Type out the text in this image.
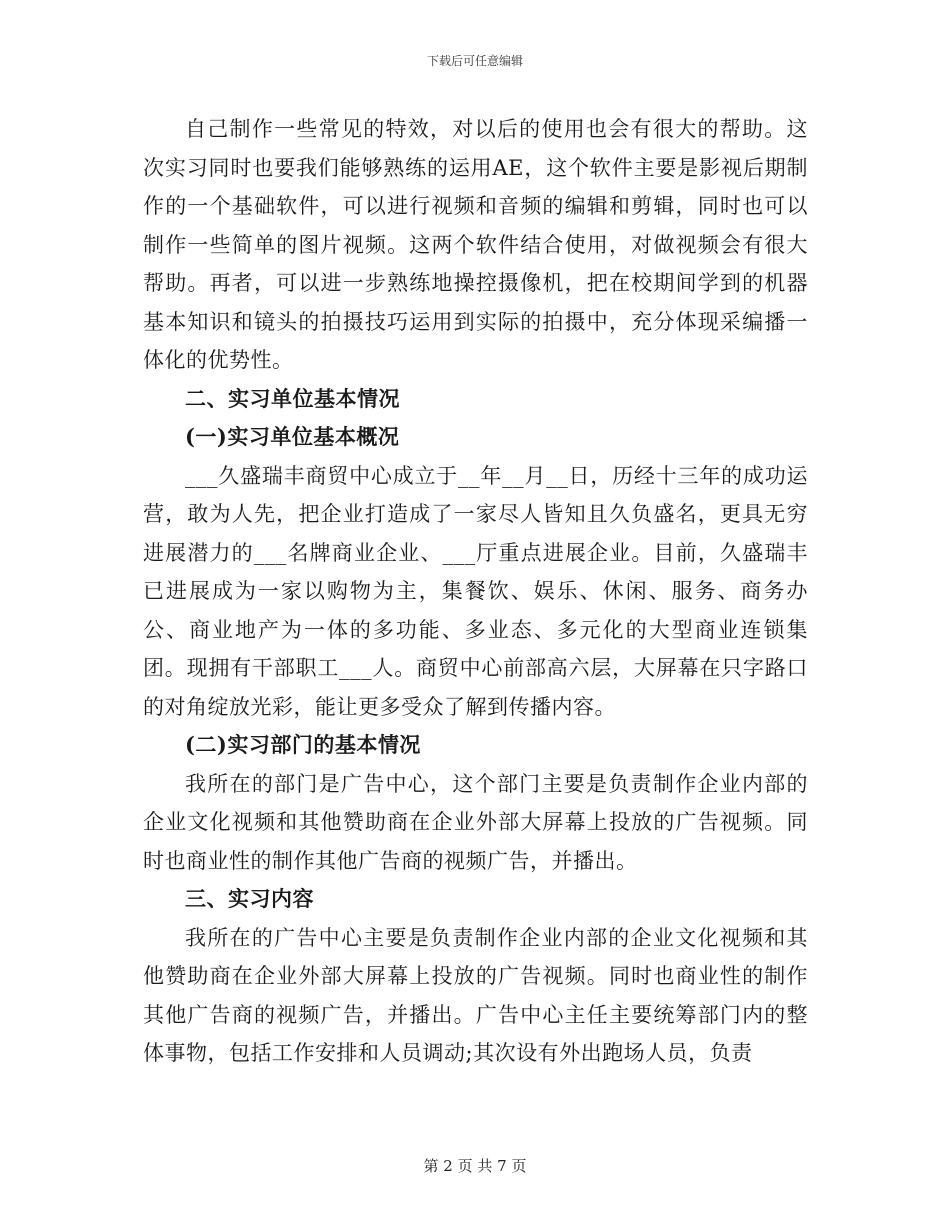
下载后可任意编辑

自己制作一些常见的特效，对以后的使用也会有很大的帮助。这次实习同时也要我们能够熟练的运用AE，这个软件主要是影视后期制作的一个基础软件，可以进行视频和音频的编辑和剪辑，同时也可以制作一些简单的图片视频。这两个软件结合使用，对做视频会有很大帮助。再者，可以进一步熟练地操控摄像机，把在校期间学到的机器基本知识和镜头的拍摄技巧运用到实际的拍摄中，充分体现采编播一体化的优势性。

二、实习单位基本情况

(一)实习单位基本概况

___久盛瑞丰商贸中心成立于__年__月__日，历经十三年的成功运营，敢为人先，把企业打造成了一家尽人皆知且久负盛名，更具无穷进展潜力的___名牌商业企业、___厅重点进展企业。目前，久盛瑞丰已进展成为一家以购物为主，集餐饮、娱乐、休闲、服务、商务办公、商业地产为一体的多功能、多业态、多元化的大型商业连锁集团。现拥有干部职工___人。商贸中心前部高六层，大屏幕在只字路口的对角绽放光彩，能让更多受众了解到传播内容。

(二)实习部门的基本情况

我所在的部门是广告中心，这个部门主要是负责制作企业内部的企业文化视频和其他赞助商在企业外部大屏幕上投放的广告视频。同时也商业性的制作其他广告商的视频广告，并播出。

三、实习内容

我所在的广告中心主要是负责制作企业内部的企业文化视频和其他赞助商在企业外部大屏幕上投放的广告视频。同时也商业性的制作其他广告商的视频广告，并播出。广告中心主任主要统筹部门内的整体事物，包括工作安排和人员调动;其次设有外出跑场人员，负责

第 2 页 共 7 页
